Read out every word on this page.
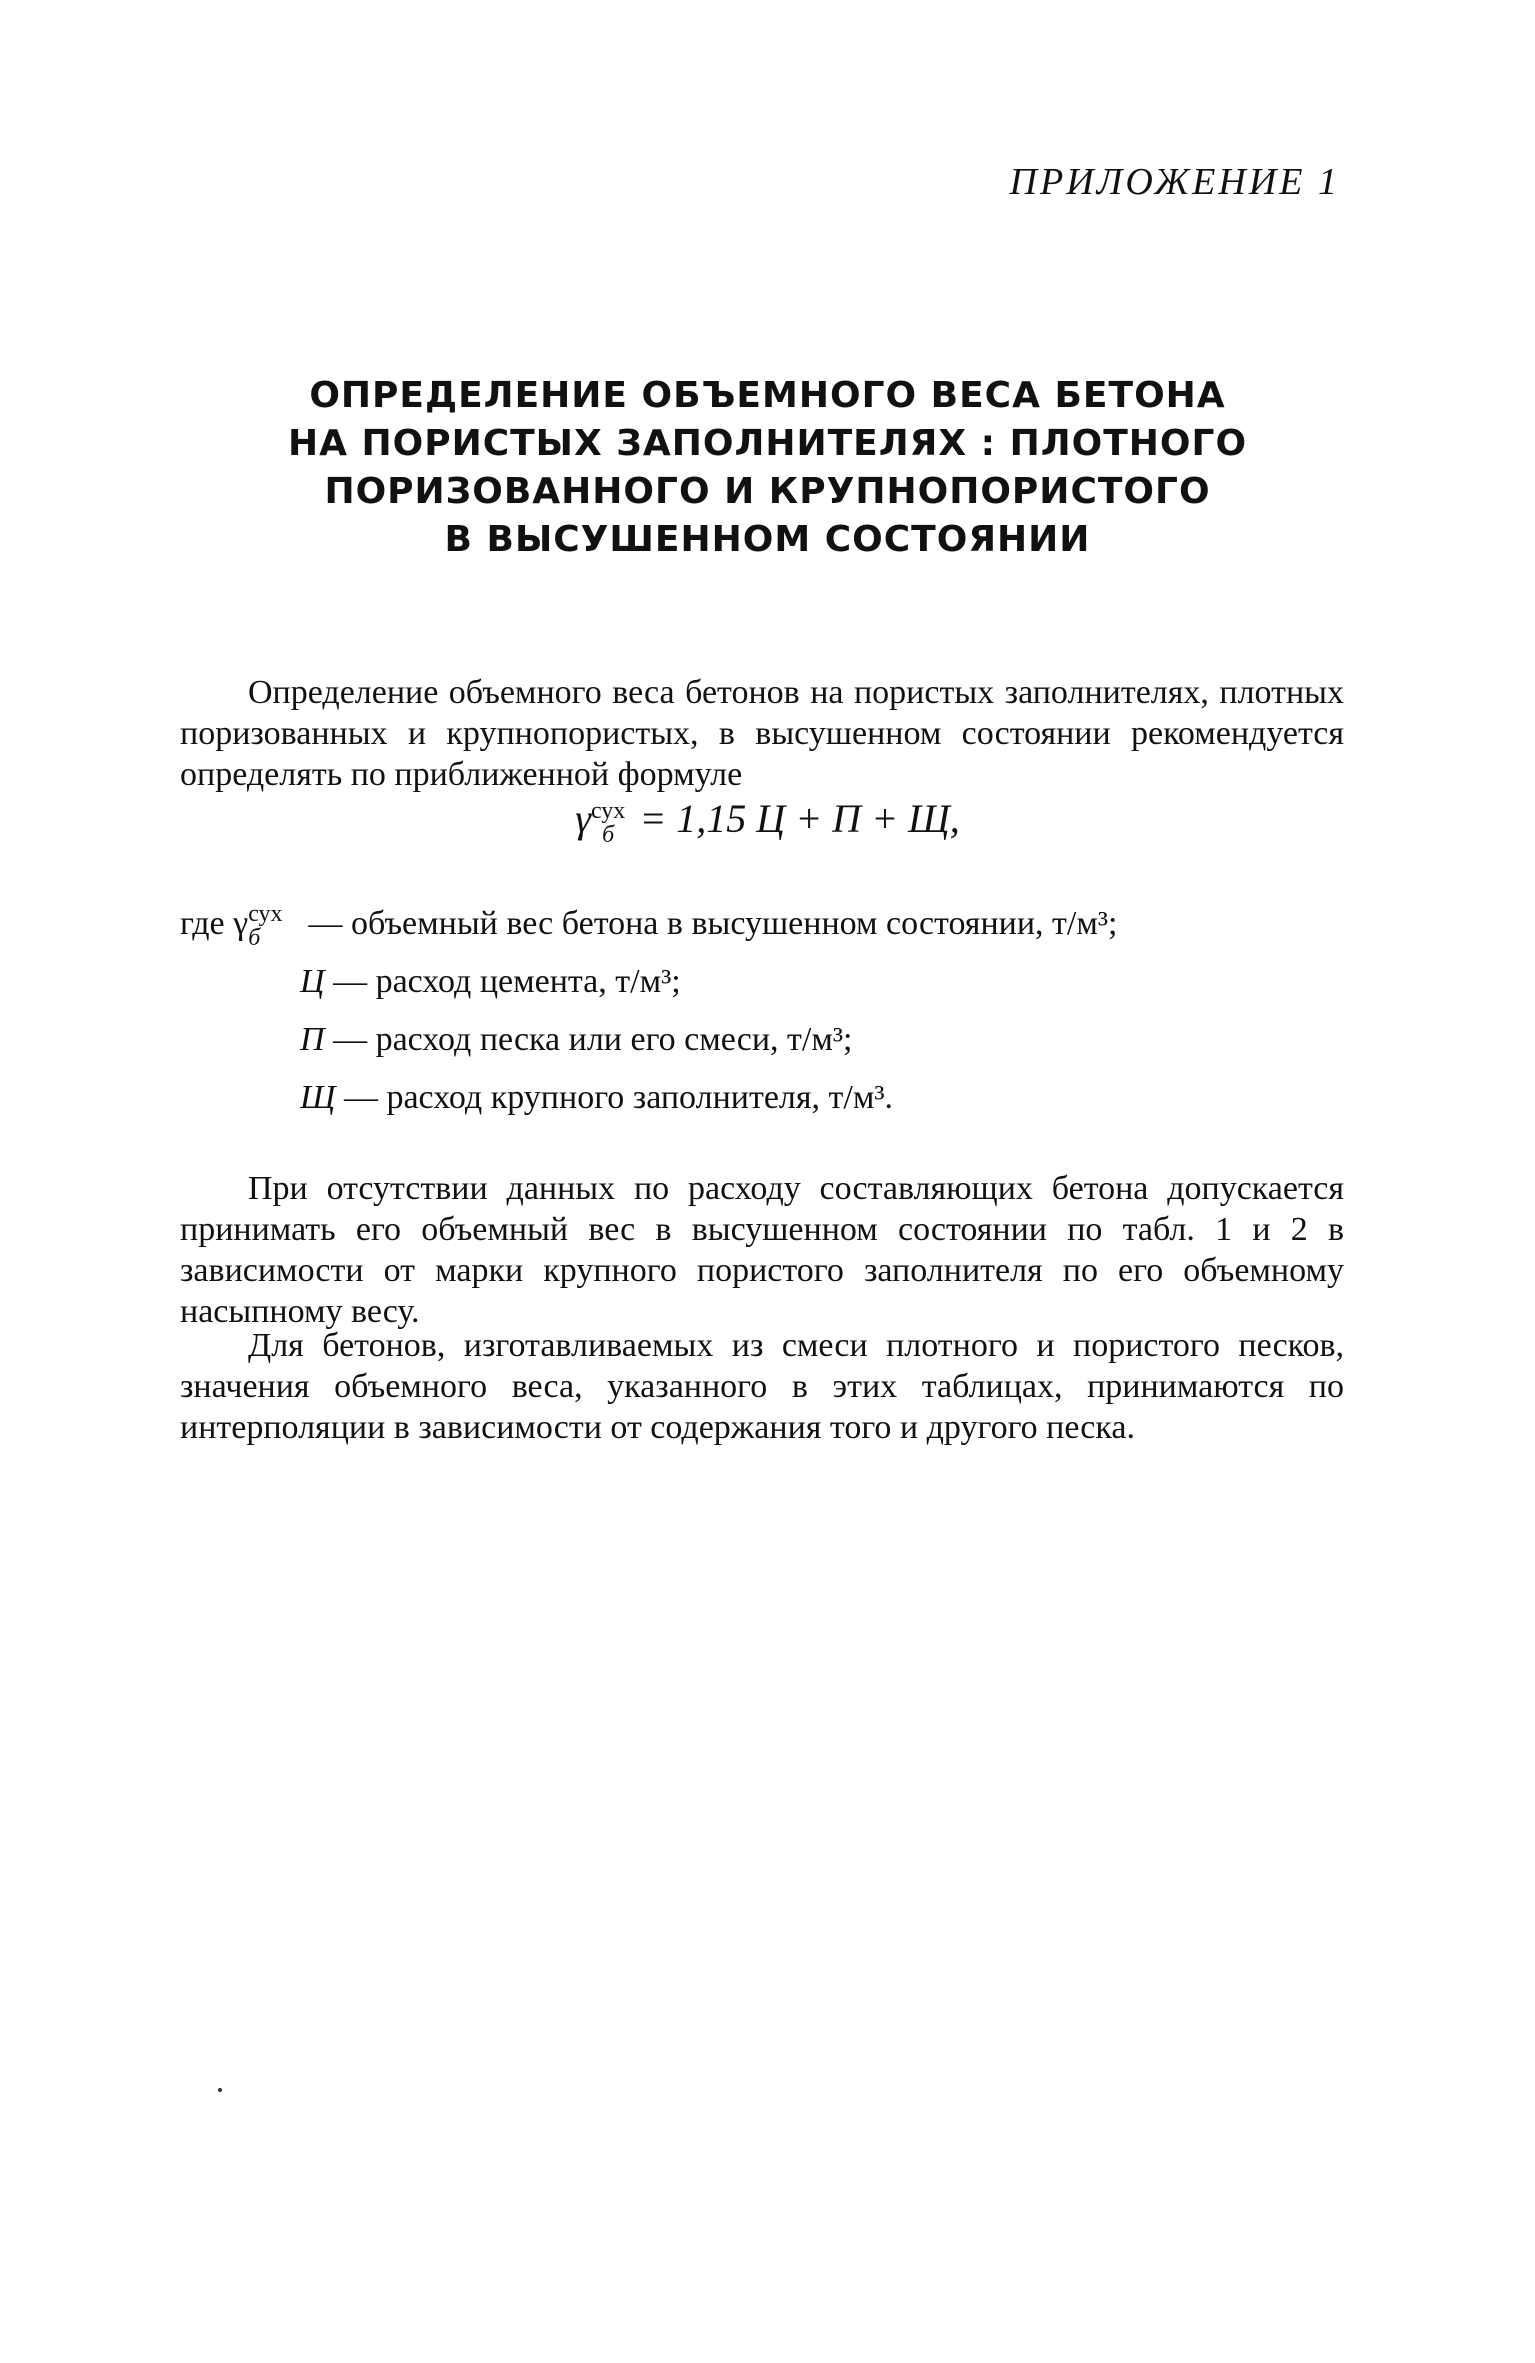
ПРИЛОЖЕНИЕ 1
ОПРЕДЕЛЕНИЕ ОБЪЕМНОГО ВЕСА БЕТОНА
НА ПОРИСТЫХ ЗАПОЛНИТЕЛЯХ : ПЛОТНОГО
ПОРИЗОВАННОГО И КРУПНОПОРИСТОГО
В ВЫСУШЕННОМ СОСТОЯНИИ

Определение объемного веса бетонов на пористых заполнителях, плотных поризованных и крупнопористых, в высушенном состоянии рекомендуется определять по приближенной формуле

γ сух
б = 1,15 Ц + П + Щ,
где γ сух
б	— объемный вес бетона в высушенном состоянии, т/м³;
Ц — расход цемента, т/м³;
П — расход песка или его смеси, т/м³;
Щ — расход крупного заполнителя, т/м³.

При отсутствии данных по расходу составляющих бетона допускается принимать его объемный вес в высушенном состоянии по табл. 1 и 2 в зависимости от марки крупного пористого заполнителя по его объемному насыпному весу.

Для бетонов, изготавливаемых из смеси плотного и пористого песков, значения объемного веса, указанного в этих таблицах, принимаются по интерполяции в зависимости от содержания того и другого песка.
